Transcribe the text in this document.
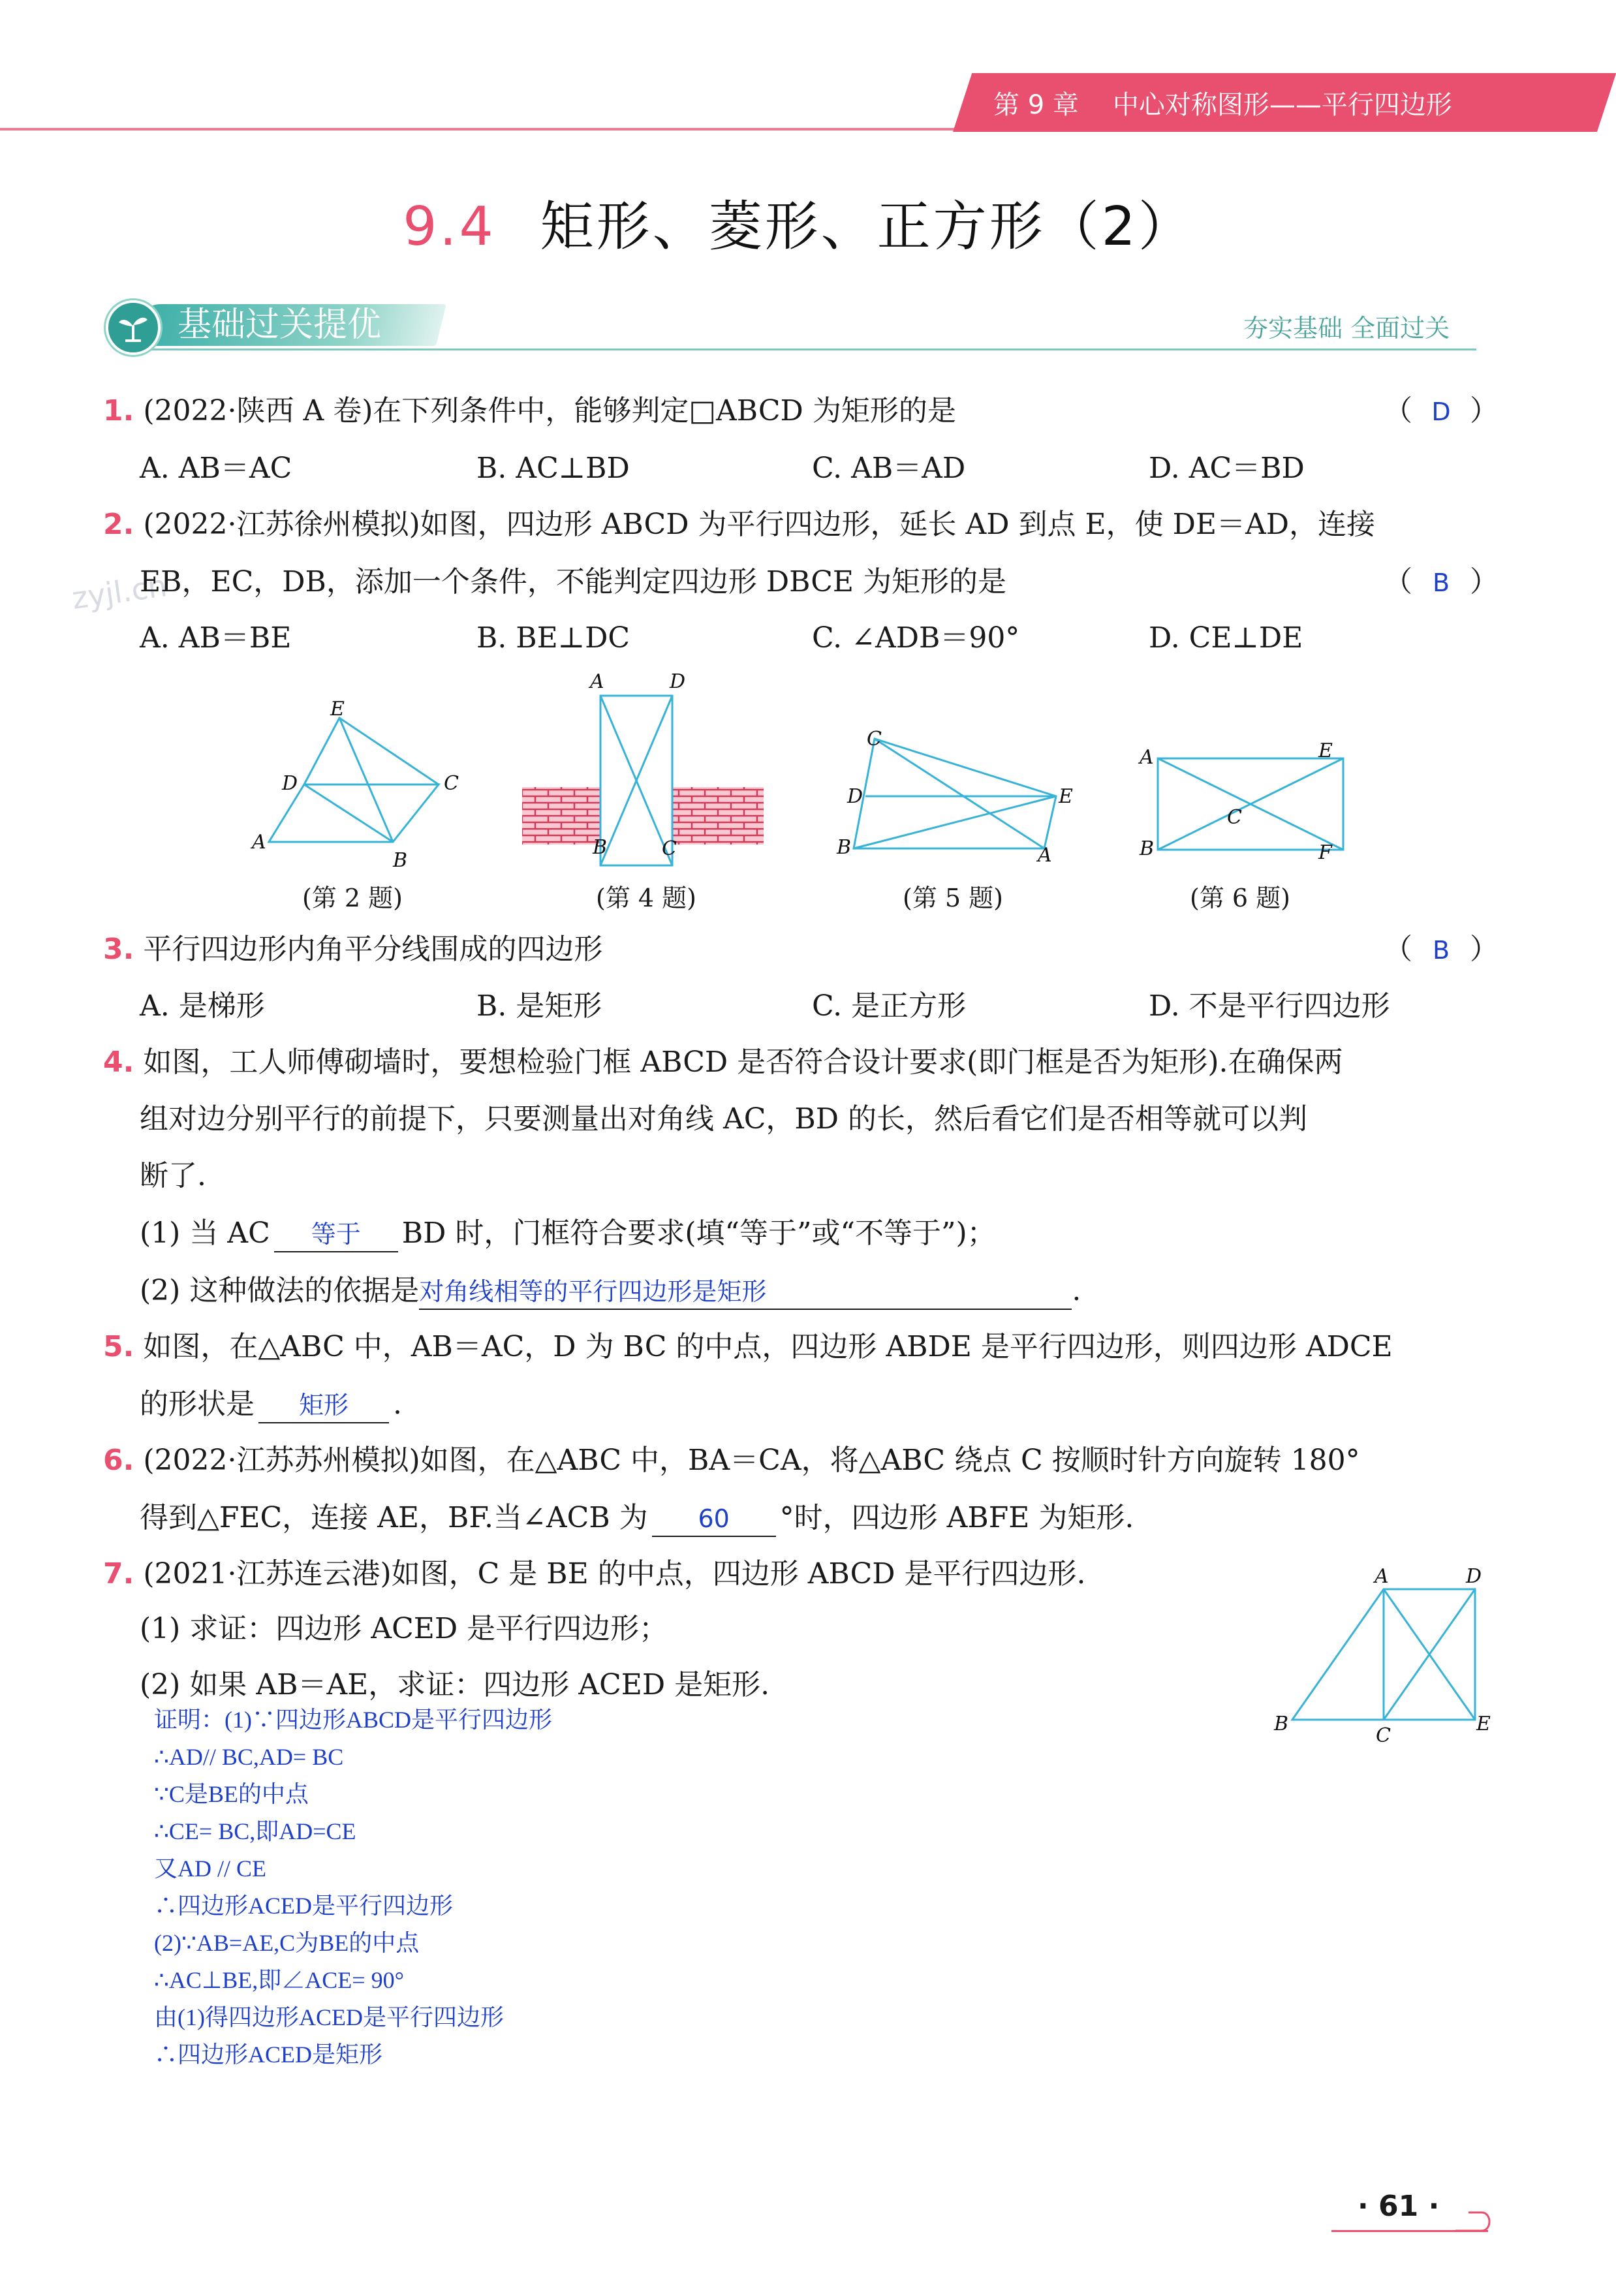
第 9 章 中心对称图形——平行四边形
9.4 矩形、菱形、正方形（2）
基础过关提优	夯实基础 全面过关
zyjl.cn
1. (2022·陕西 A 卷)在下列条件中，能够判定□ABCD 为矩形的是	（ D ）
A. AB＝AC	B. AC⊥BD	C. AB＝AD	D. AC＝BD
2. (2022·江苏徐州模拟)如图，四边形 ABCD 为平行四边形，延长 AD 到点 E，使 DE＝AD，连接
EB，EC，DB，添加一个条件，不能判定四边形 DBCE 为矩形的是	（ B ）
A. AB＝BE	B. BE⊥DC	C. ∠ADB＝90°	D. CE⊥DE
E
D	C
A
B
(第 2 题)
A	D
B	C
(第 4 题)
C
D	E
B	A
(第 5 题)
A	E
C
B	F
(第 6 题)
3. 平行四边形内角平分线围成的四边形	（ B ）
A. 是梯形	B. 是矩形	C. 是正方形	D. 不是平行四边形
4. 如图，工人师傅砌墙时，要想检验门框 ABCD 是否符合设计要求(即门框是否为矩形).在确保两
组对边分别平行的前提下，只要测量出对角线 AC，BD 的长，然后看它们是否相等就可以判
断了.
(1) 当 AC 等于 BD 时，门框符合要求(填“等于”或“不等于”)；
(2) 这种做法的依据是对角线相等的平行四边形是矩形	.
5. 如图，在△ABC 中，AB＝AC，D 为 BC 的中点，四边形 ABDE 是平行四边形，则四边形 ADCE
的形状是 矩形 .
6. (2022·江苏苏州模拟)如图，在△ABC 中，BA＝CA，将△ABC 绕点 C 按顺时针方向旋转 180°
得到△FEC，连接 AE，BF.当∠ACB 为 60 °时，四边形 ABFE 为矩形.
7. (2021·江苏连云港)如图，C 是 BE 的中点，四边形 ABCD 是平行四边形.
(1) 求证：四边形 ACED 是平行四边形；
(2) 如果 AB＝AE，求证：四边形 ACED 是矩形.
A	D
B
C
E
证明：(1)∵四边形ABCD是平行四边形
∴AD// BC,AD= BC
∵C是BE的中点
∴CE= BC,即AD=CE
又AD // CE
∴四边形ACED是平行四边形
(2)∵AB=AE,C为BE的中点
∴AC⊥BE,即∠ACE= 90°
由(1)得四边形ACED是平行四边形
∴四边形ACED是矩形
· 61 ·
